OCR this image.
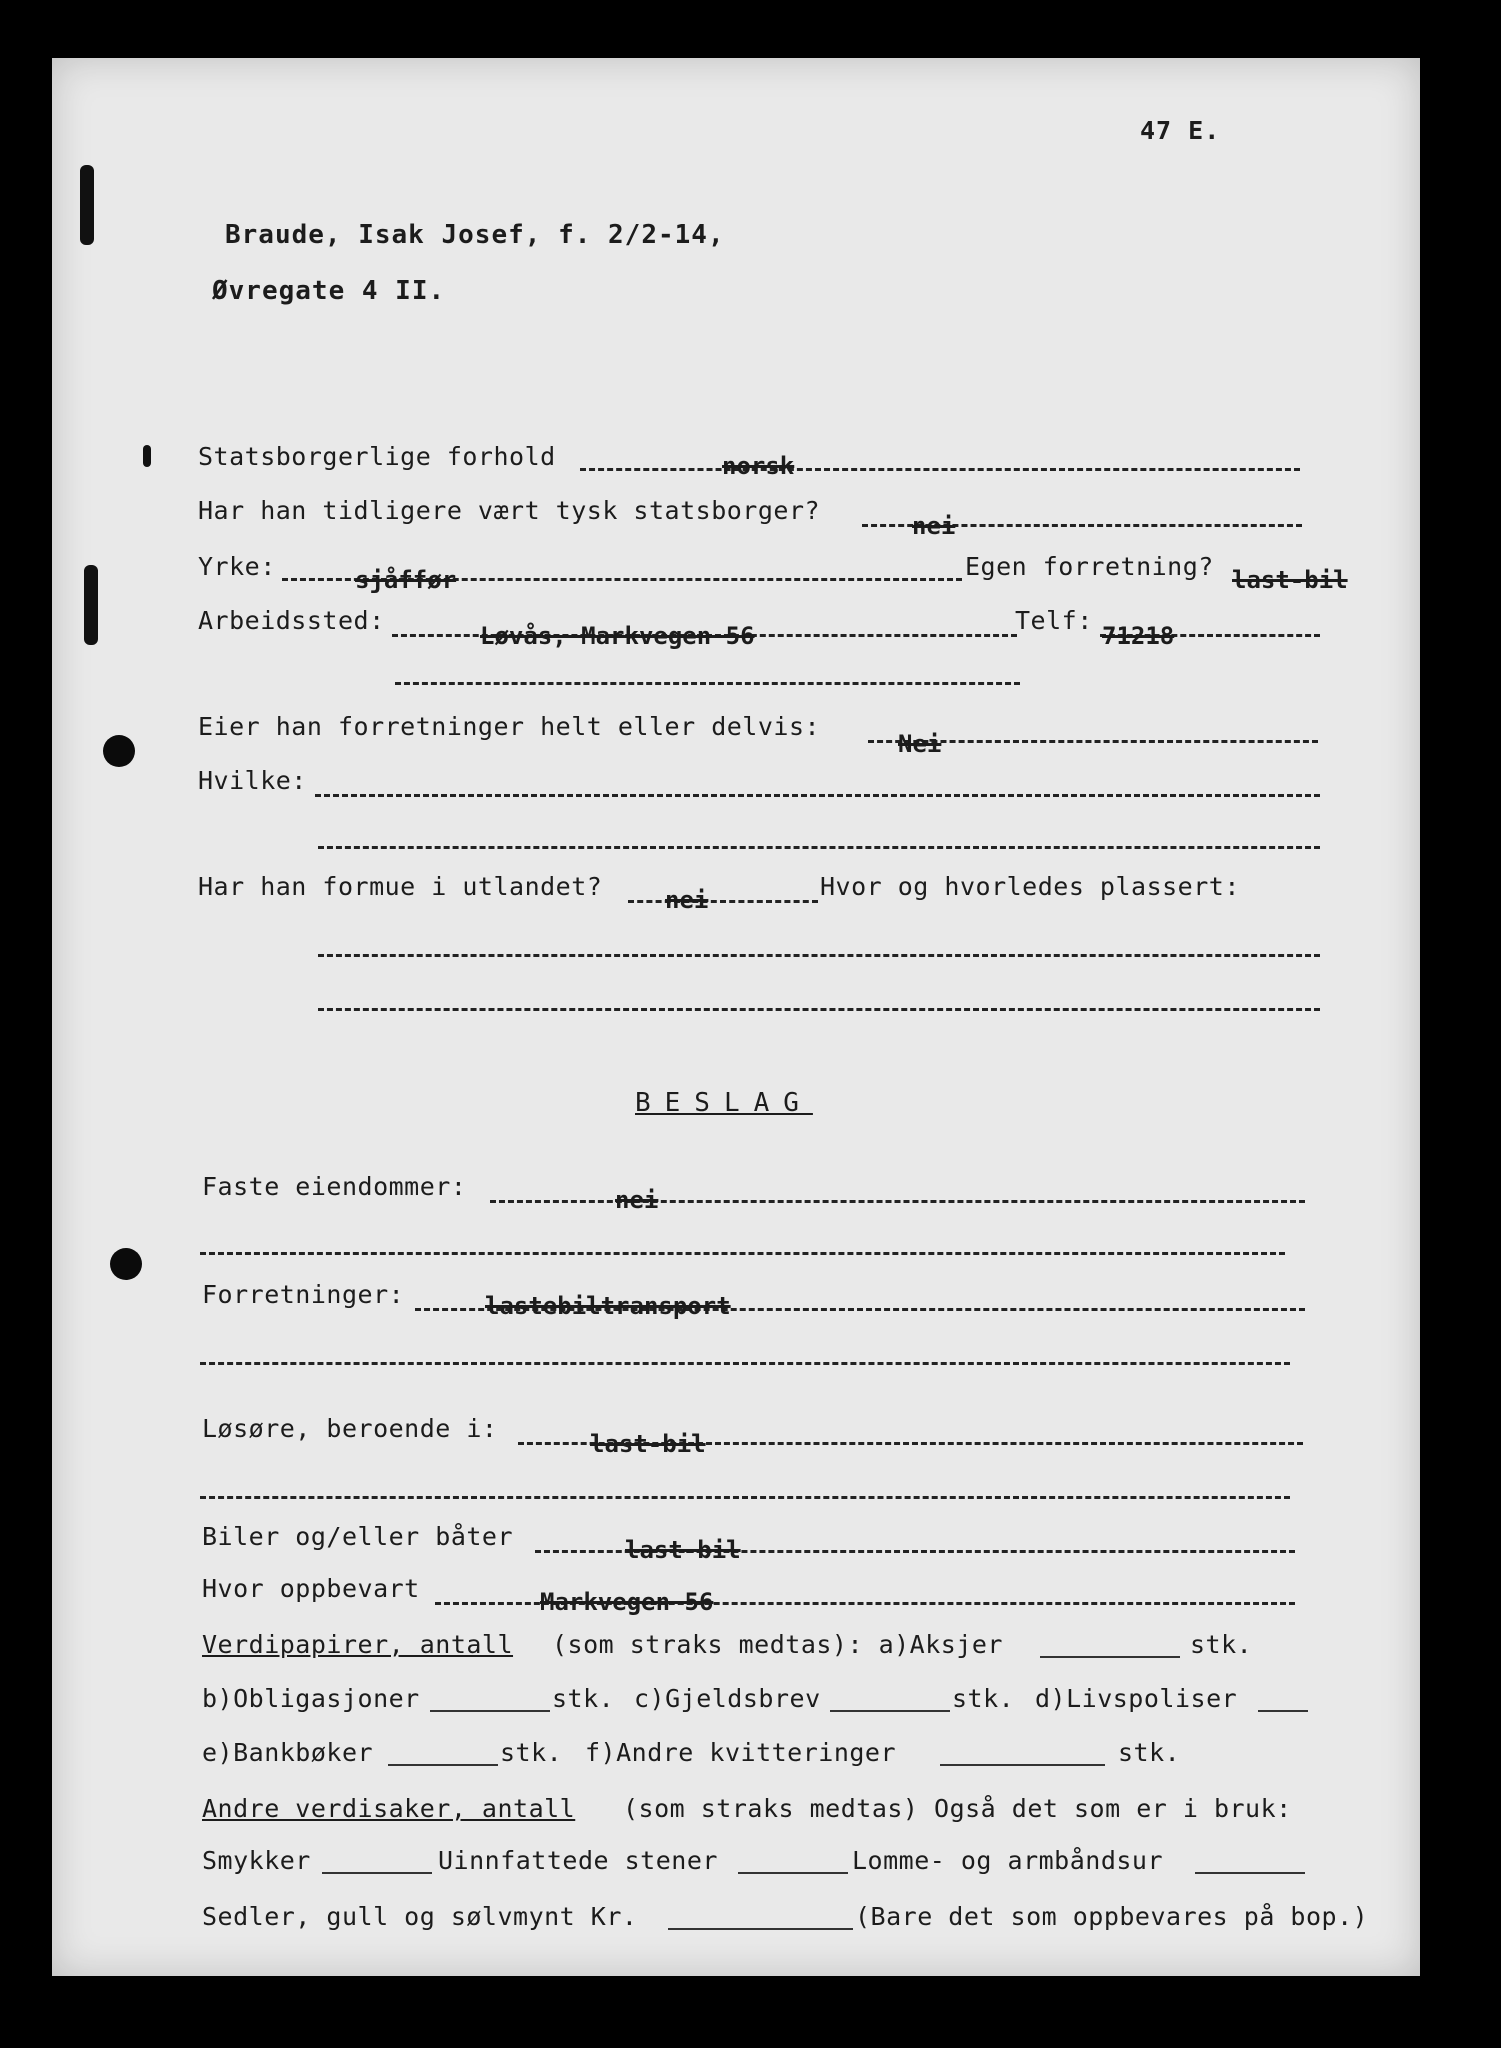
47 E.
Braude, Isak Josef, f. 2/2-14,
Øvregate 4 II.
Statsborgerlige forhold	norsk
Har han tidligere vært tysk statsborger?
nei
Yrke:	sjåffør	Egen forretning? last-bil
Arbeidssted:
Løvås, Markvegen 56
Telf:
71218
Eier han forretninger helt eller delvis:
Nei
Hvilke:
Har han formue i utlandet?	nei	Hvor og hvorledes plassert:
BESLAG
Faste eiendommer:	nei
Forretninger:	lastebiltransport
Løsøre, beroende i:
last-bil
Biler og/eller båter	last-bil
Hvor oppbevart	Markvegen 56
Verdipapirer, antall (som straks medtas): a)Aksjer	stk.
b)Obligasjoner	stk. c)Gjeldsbrev	stk. d)Livspoliser
e)Bankbøker	stk. f)Andre kvitteringer	stk.
Andre verdisaker, antall (som straks medtas) Også det som er i bruk:
Smykker	Uinnfattede stener	Lomme- og armbåndsur
Sedler, gull og sølvmynt Kr.	(Bare det som oppbevares på bop.)
